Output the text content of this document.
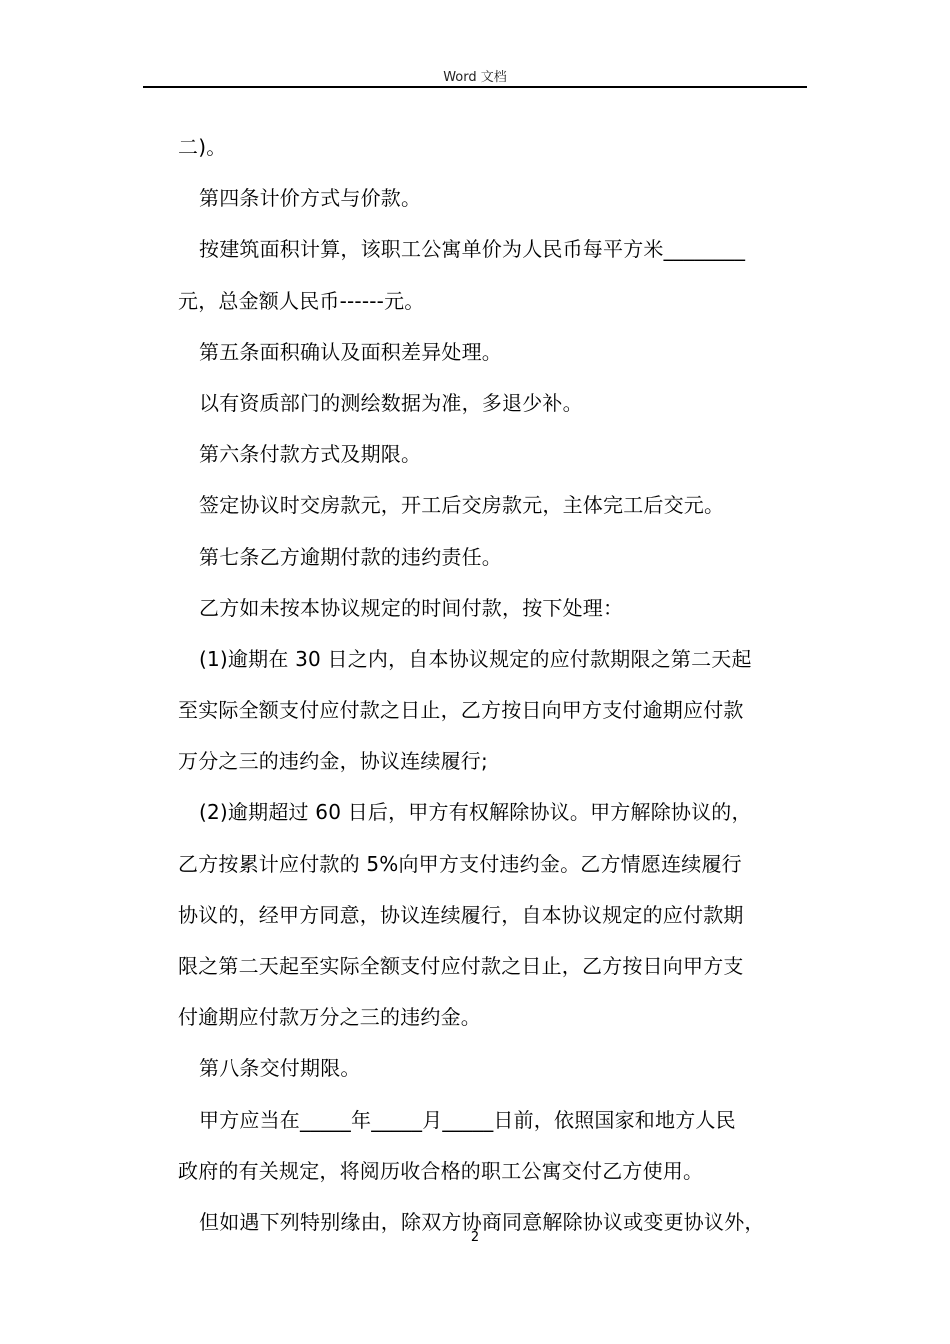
Word 文档
二)。
第四条计价方式与价款。
按建筑面积计算，该职工公寓单价为人民币每平方米________
元，总金额人民币------元。
第五条面积确认及面积差异处理。
以有资质部门的测绘数据为准，多退少补。
第六条付款方式及期限。
签定协议时交房款元，开工后交房款元，主体完工后交元。
第七条乙方逾期付款的违约责任。
乙方如未按本协议规定的时间付款，按下处理：
(1)逾期在 30 日之内，自本协议规定的应付款期限之第二天起
至实际全额支付应付款之日止，乙方按日向甲方支付逾期应付款
万分之三的违约金，协议连续履行;
(2)逾期超过 60 日后，甲方有权解除协议。甲方解除协议的，
乙方按累计应付款的 5%向甲方支付违约金。乙方情愿连续履行
协议的，经甲方同意，协议连续履行，自本协议规定的应付款期
限之第二天起至实际全额支付应付款之日止，乙方按日向甲方支
付逾期应付款万分之三的违约金。
第八条交付期限。
甲方应当在_____年_____月_____日前，依照国家和地方人民
政府的有关规定，将阅历收合格的职工公寓交付乙方使用。
但如遇下列特别缘由，除双方协商同意解除协议或变更协议外，
2
